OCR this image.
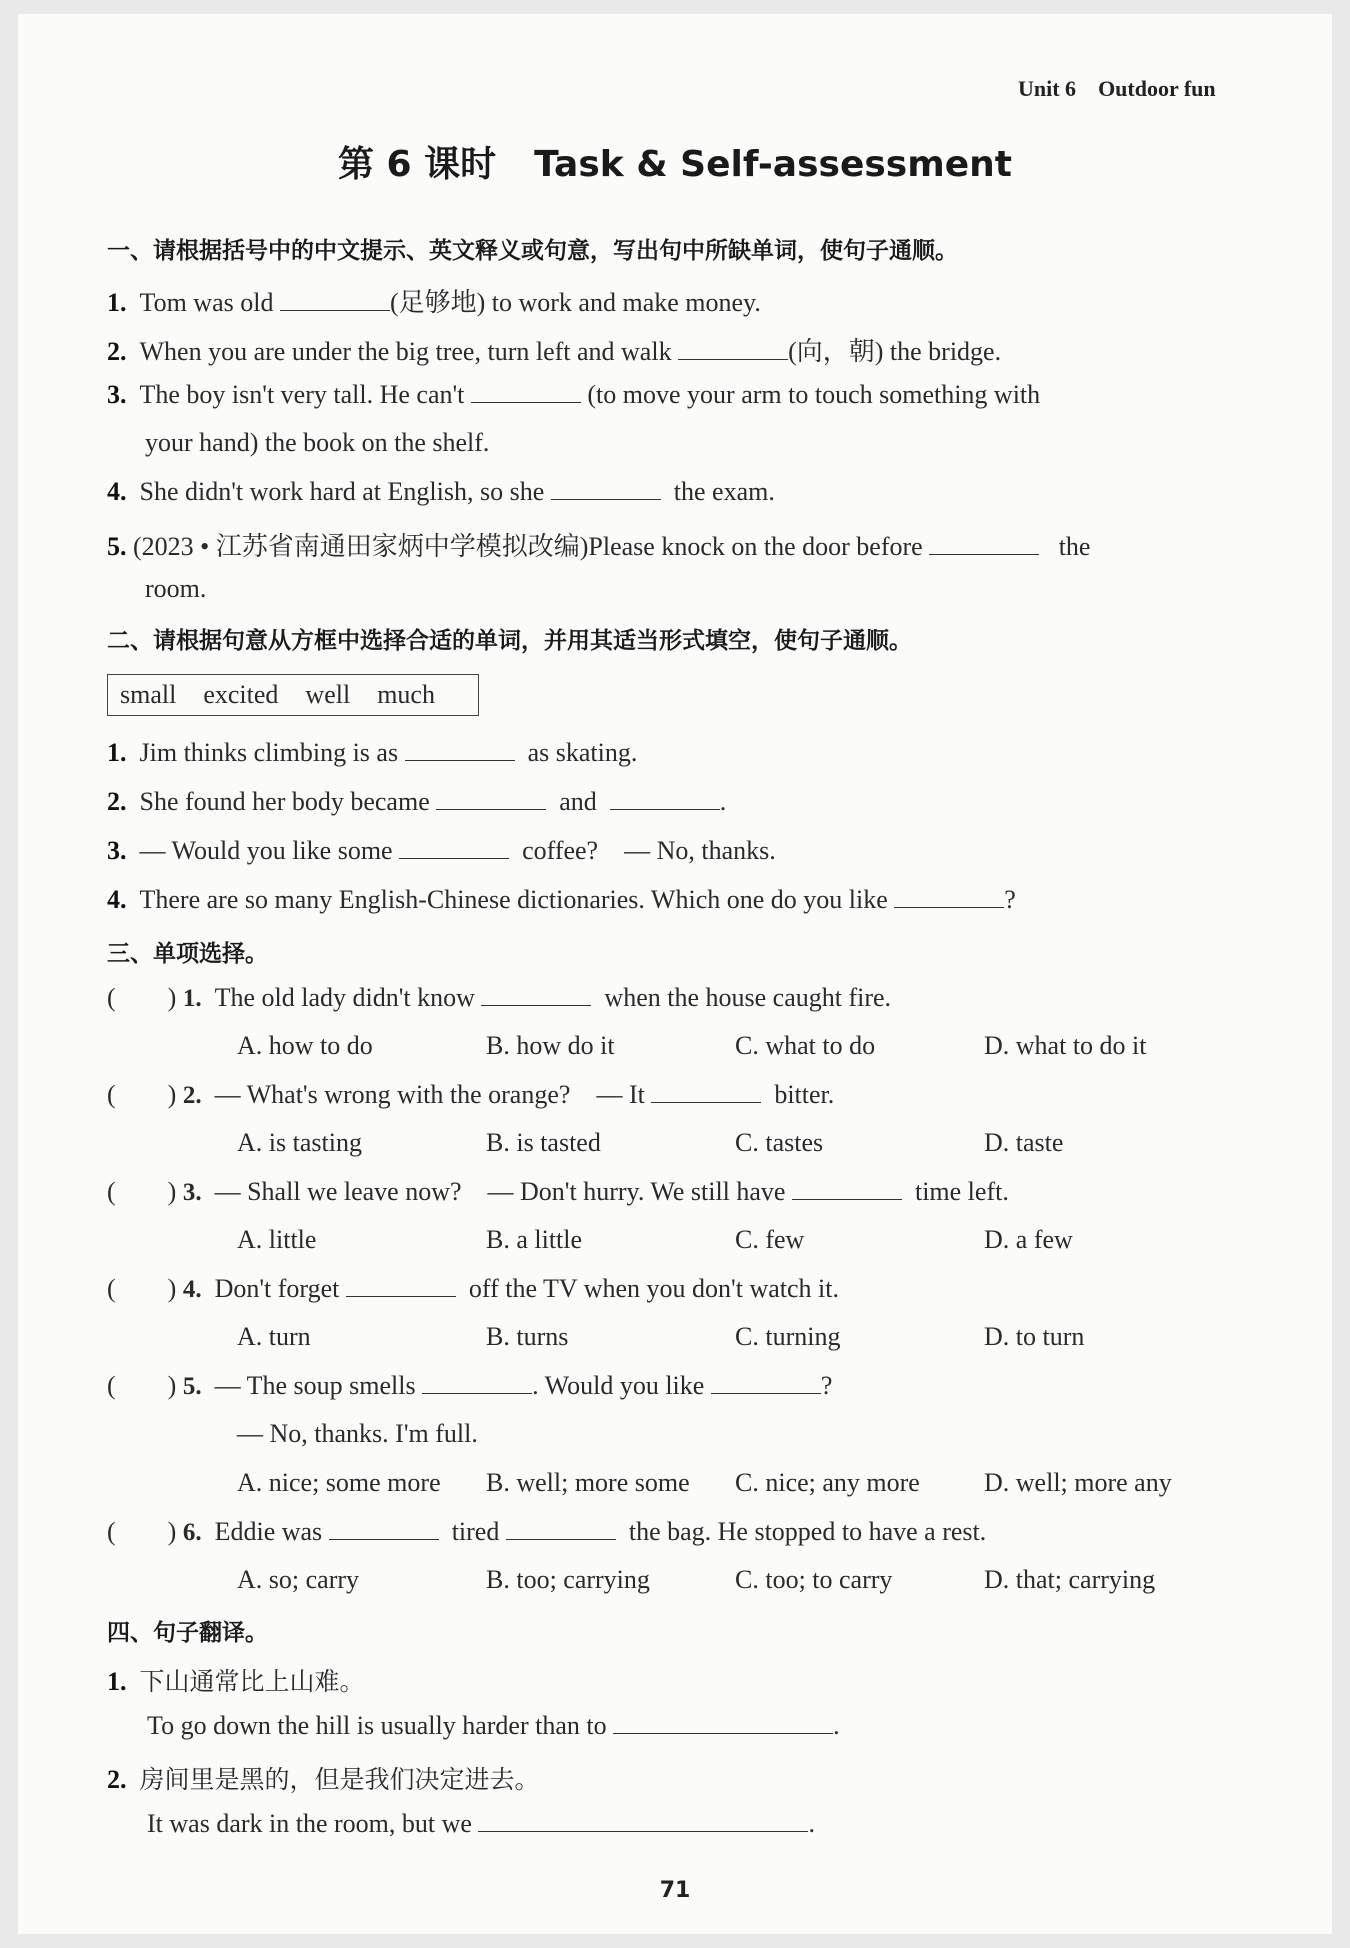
Unit 6 Outdoor fun
第 6 课时 Task & Self-assessment
一、请根据括号中的中文提示、英文释义或句意，写出句中所缺单词，使句子通顺。
1. Tom was old	(足够地) to work and make money.
2. When you are under the big tree, turn left and walk	(向，朝) the bridge.
3. The boy isn't very tall. He can't	(to move your arm to touch something with
your hand) the book on the shelf.
4. She didn't work hard at English, so she	the exam.
5. (2023 • 江苏省南通田家炳中学模拟改编)Please knock on the door before	the
room.
二、请根据句意从方框中选择合适的单词，并用其适当形式填空，使句子通顺。
small excited well much
1. Jim thinks climbing is as	as skating.
2. She found her body became	and	.
3. — Would you like some	coffee? — No, thanks.
4. There are so many English-Chinese dictionaries. Which one do you like	?
三、单项选择。
( ) 1. The old lady didn't know	when the house caught fire.
A. how to do	B. how do it	C. what to do	D. what to do it
( ) 2. — What's wrong with the orange? — It	bitter.
A. is tasting	B. is tasted	C. tastes	D. taste
( ) 3. — Shall we leave now? — Don't hurry. We still have	time left.
A. little	B. a little	C. few	D. a few
( ) 4. Don't forget	off the TV when you don't watch it.
A. turn	B. turns	C. turning	D. to turn
( ) 5. — The soup smells	. Would you like	?
— No, thanks. I'm full.
A. nice; some more B. well; more some C. nice; any more D. well; more any
( ) 6. Eddie was	tired	the bag. He stopped to have a rest.
A. so; carry	B. too; carrying	C. too; to carry	D. that; carrying
四、句子翻译。
1. 下山通常比上山难。
To go down the hill is usually harder than to	.
2. 房间里是黑的，但是我们决定进去。
It was dark in the room, but we	.
71
